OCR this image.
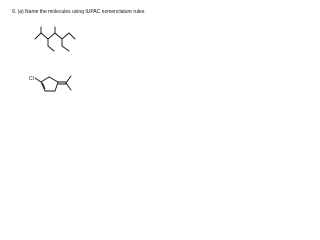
9. (a) Name the molecules using IUPAC nomenclature rules.
Cl
